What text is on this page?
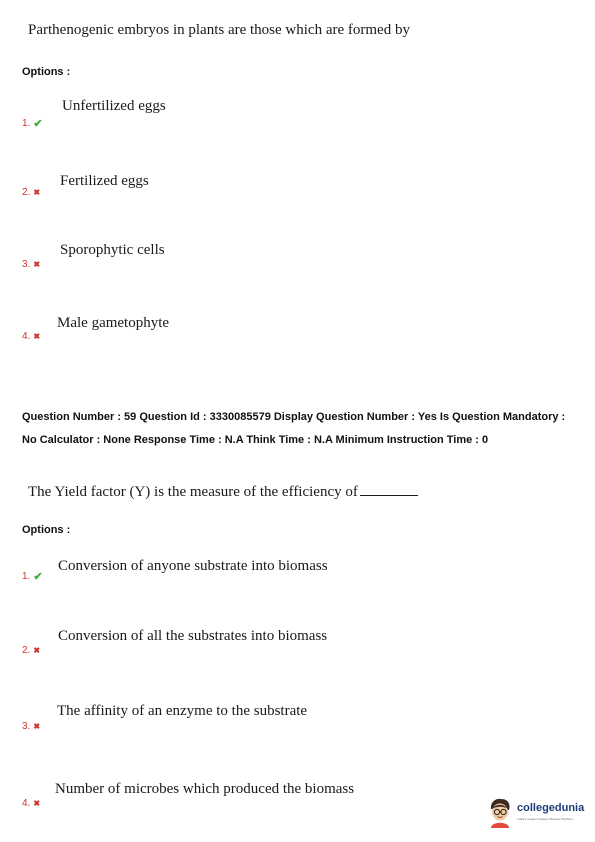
Parthenogenic embryos in plants are those which are formed by
Options :
Unfertilized eggs
1. ✔
Fertilized eggs
2. ✖
Sporophytic cells
3. ✖
Male gametophyte
4. ✖
Question Number : 59 Question Id : 3330085579 Display Question Number : Yes Is Question Mandatory : No Calculator : None Response Time : N.A Think Time : N.A Minimum Instruction Time : 0
The Yield factor (Y) is the measure of the efficiency of
Options :
Conversion of anyone substrate into biomass
1. ✔
Conversion of all the substrates into biomass
2. ✖
The affinity of an enzyme to the substrate
3. ✖
Number of microbes which produced the biomass
4. ✖	collegedunia
India's largest Student Review Platform
